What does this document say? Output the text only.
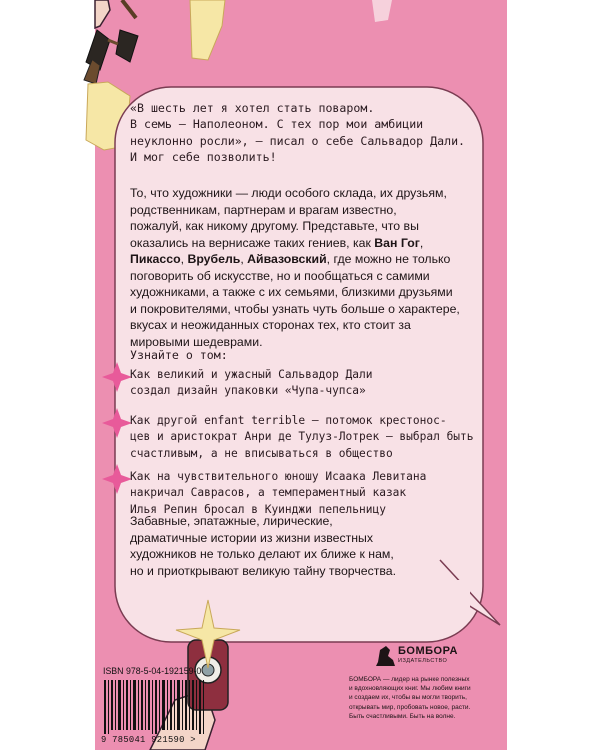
«В шесть лет я хотел стать поваром.
В семь — Наполеоном. С тех пор мои амбиции
неуклонно росли», — писал о себе Сальвадор Дали.
И мог себе позволить!

То, что художники — люди особого склада, их друзьям,
родственникам, партнерам и врагам известно,
пожалуй, как никому другому. Представьте, что вы
оказались на вернисаже таких гениев, как Ван Гог,
Пикассо, Врубель, Айвазовский, где можно не только
поговорить об искусстве, но и пообщаться с самими
художниками, а также с их семьями, близкими друзьями
и покровителями, чтобы узнать чуть больше о характере,
вкусах и неожиданных сторонах тех, кто стоит за
мировыми шедеврами.

Узнайте о том:

Как великий и ужасный Сальвадор Дали
создал дизайн упаковки «Чупа-чупса»

Как другой enfant terrible — потомок крестонос-
цев и аристократ Анри де Тулуз-Лотрек — выбрал быть
счастливым, а не вписываться в общество

Как на чувствительного юношу Исаака Левитана
накричал Саврасов, а темпераментный казак
Илья Репин бросал в Куинджи пепельницу

Забавные, эпатажные, лирические,
драматичные истории из жизни известных
художников не только делают их ближе к нам,
но и приоткрывают великую тайну творчества.

ISBN 978-5-04-192159-0
9 785041 921590 >
БОМБОРА
ИЗДАТЕЛЬСТВО

БОМБОРА — лидер на рынке полезных
и вдохновляющих книг. Мы любим книги
и создаем их, чтобы вы могли творить,
открывать мир, пробовать новое, расти.
Быть счастливыми. Быть на волне.
